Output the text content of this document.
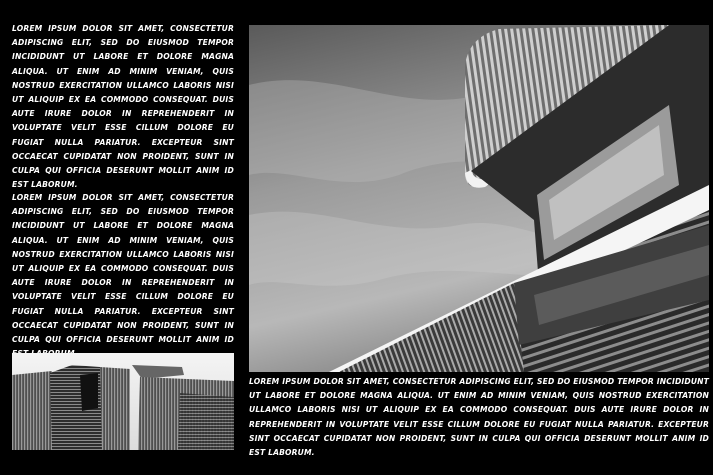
LOREM IPSUM DOLOR SIT AMET, CONSECTETUR ADIPISCING ELIT, SED DO EIUSMOD TEMPOR INCIDIDUNT UT LABORE ET DOLORE MAGNA ALIQUA. UT ENIM AD MINIM VENIAM, QUIS NOSTRUD EXERCITATION ULLAMCO LABORIS NISI UT ALIQUIP EX EA COMMODO CONSEQUAT. DUIS AUTE IRURE DOLOR IN REPREHENDERIT IN VOLUPTATE VELIT ESSE CILLUM DOLORE EU FUGIAT NULLA PARIATUR. EXCEPTEUR SINT OCCAECAT CUPIDATAT NON PROIDENT, SUNT IN CULPA QUI OFFICIA DESERUNT MOLLIT ANIM ID EST LABORUM.

LOREM IPSUM DOLOR SIT AMET, CONSECTETUR ADIPISCING ELIT, SED DO EIUSMOD TEMPOR INCIDIDUNT UT LABORE ET DOLORE MAGNA ALIQUA. UT ENIM AD MINIM VENIAM, QUIS NOSTRUD EXERCITATION ULLAMCO LABORIS NISI UT ALIQUIP EX EA COMMODO CONSEQUAT. DUIS AUTE IRURE DOLOR IN REPREHENDERIT IN VOLUPTATE VELIT ESSE CILLUM DOLORE EU FUGIAT NULLA PARIATUR. EXCEPTEUR SINT OCCAECAT CUPIDATAT NON PROIDENT, SUNT IN CULPA QUI OFFICIA DESERUNT MOLLIT ANIM ID

LOREM IPSUM DOLOR SIT AMET, CONSECTETUR ADIPISCING ELIT, SED DO EIUSMOD TEMPOR INCIDIDUNT UT LABORE ET DOLORE MAGNA ALIQUA. UT ENIM AD MINIM VENIAM, QUIS NOSTRUD EXERCITATION ULLAMCO LABORIS NISI UT ALIQUIP EX EA COMMODO CONSEQUAT. DUIS AUTE IRURE DOLOR IN REPREHENDERIT IN VOLUPTATE VELIT ESSE CILLUM DOLORE EU FUGIAT NULLA PARIATUR. EXCEPTEUR SINT OCCAECAT CUPIDATAT NON PROIDENT, SUNT IN CULPA QUI OFFICIA DESERUNT MOLLIT ANIM ID EST LABORUM.
